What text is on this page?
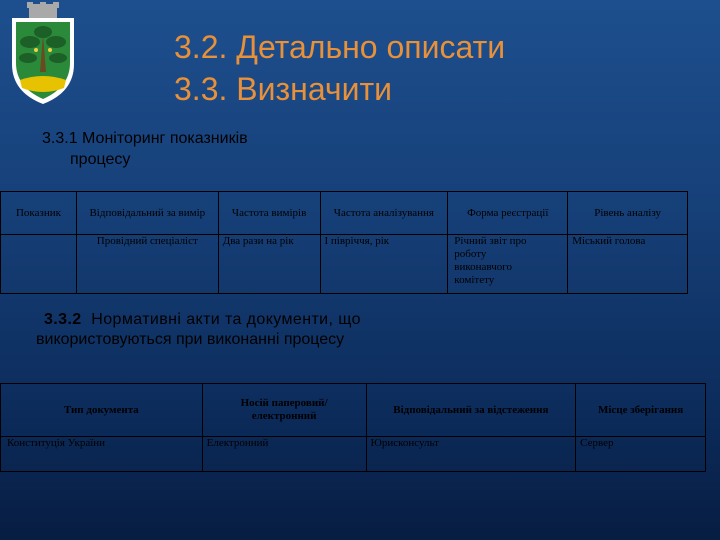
3.2. Детально описати
3.3. Визначити

3.3.1 Моніторинг показників
процесу

Показник	Відповідальний за вимір	Частота вимірів	Частота аналізування	Форма реєстрації	Рівень аналізу
	Провідний спеціаліст	Два рази на рік	І півріччя, рік	Річний звіт про роботу виконавчого комітету	Міський голова

3.3.2 Нормативні акти та документи, що
використовуються при виконанні процесу

Тип документа	Носій паперовий/ електронний	Відповідальний за відстеження	Місце зберігання
Конституція України	Електронний	Юрисконсульт	Сервер
